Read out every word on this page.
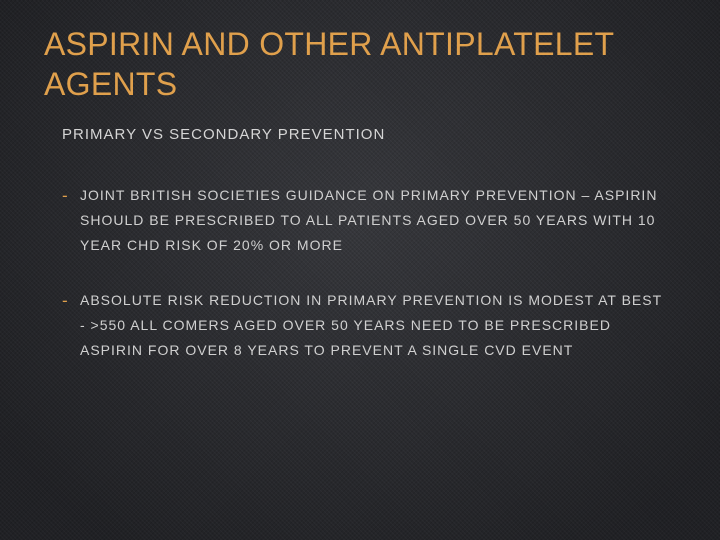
ASPIRIN AND OTHER ANTIPLATELET AGENTS

PRIMARY VS SECONDARY PREVENTION

- JOINT BRITISH SOCIETIES GUIDANCE ON PRIMARY PREVENTION – ASPIRIN SHOULD BE PRESCRIBED TO ALL PATIENTS AGED OVER 50 YEARS WITH 10 YEAR CHD RISK OF 20% OR MORE

- ABSOLUTE RISK REDUCTION IN PRIMARY PREVENTION IS MODEST AT BEST - >550 ALL COMERS AGED OVER 50 YEARS NEED TO BE PRESCRIBED ASPIRIN FOR OVER 8 YEARS TO PREVENT A SINGLE CVD EVENT
